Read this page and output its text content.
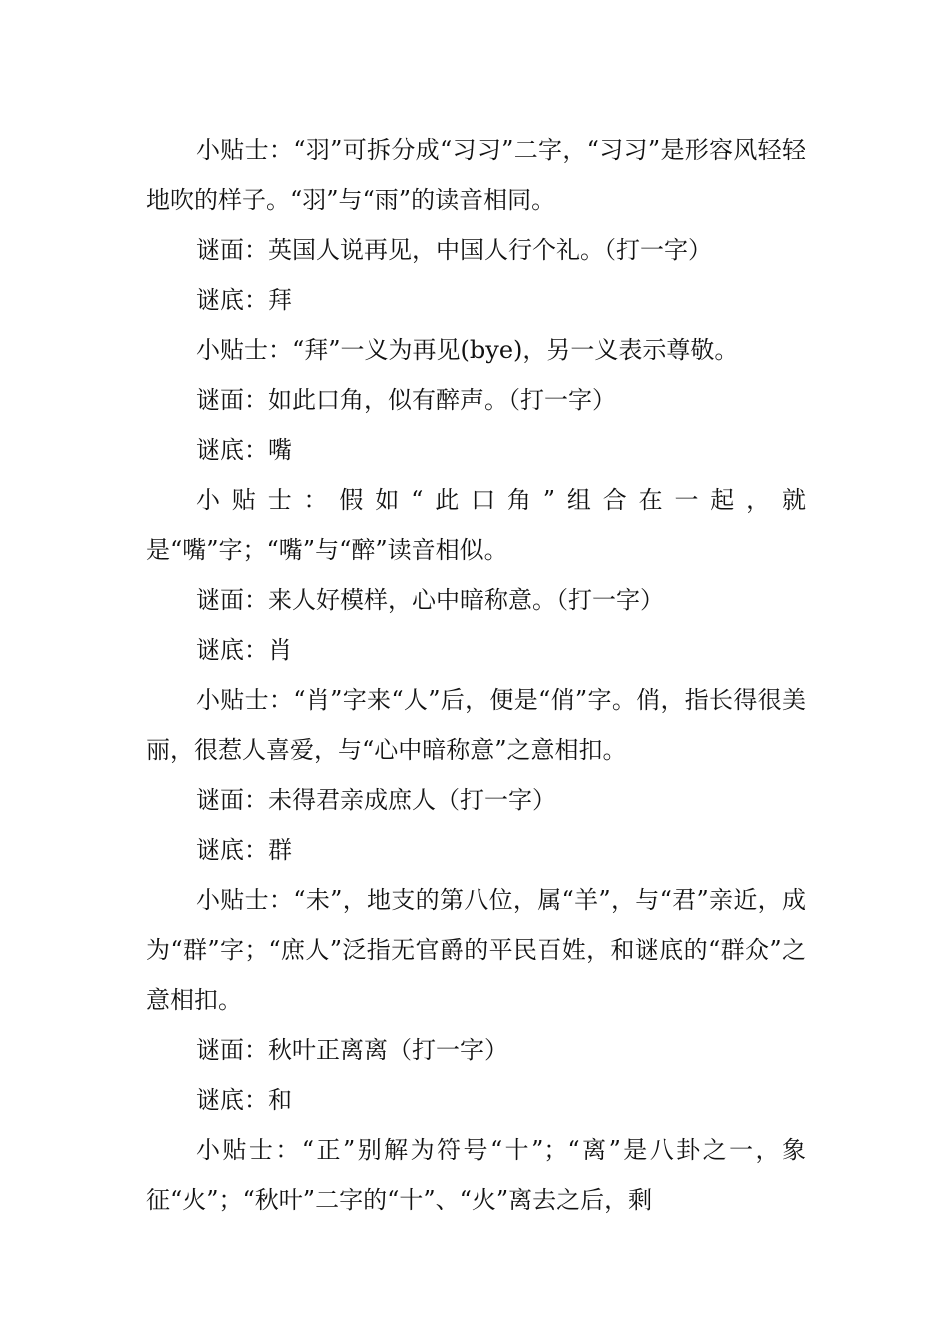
小贴士：“羽”可拆分成“习习”二字，“习习”是形容风轻轻地吹的样子。“羽”与“雨”的读音相同。

谜面：英国人说再见，中国人行个礼。（打一字）

谜底：拜

小贴士：“拜”一义为再见(bye)，另一义表示尊敬。

谜面：如此口角，似有醉声。（打一字）

谜底：嘴

小贴士：假如“此口角”组合在一起，就是“嘴”字；“嘴”与“醉”读音相似。

谜面：来人好模样，心中暗称意。（打一字）

谜底：肖

小贴士：“肖”字来“人”后，便是“俏”字。俏，指长得很美丽，很惹人喜爱，与“心中暗称意”之意相扣。

谜面：未得君亲成庶人（打一字）

谜底：群

小贴士：“未”，地支的第八位，属“羊”，与“君”亲近，成为“群”字；“庶人”泛指无官爵的平民百姓，和谜底的“群众”之意相扣。

谜面：秋叶正离离（打一字）

谜底：和

小贴士：“正”别解为符号“十”；“离”是八卦之一，象征“火”；“秋叶”二字的“十”、“火”离去之后，剩
